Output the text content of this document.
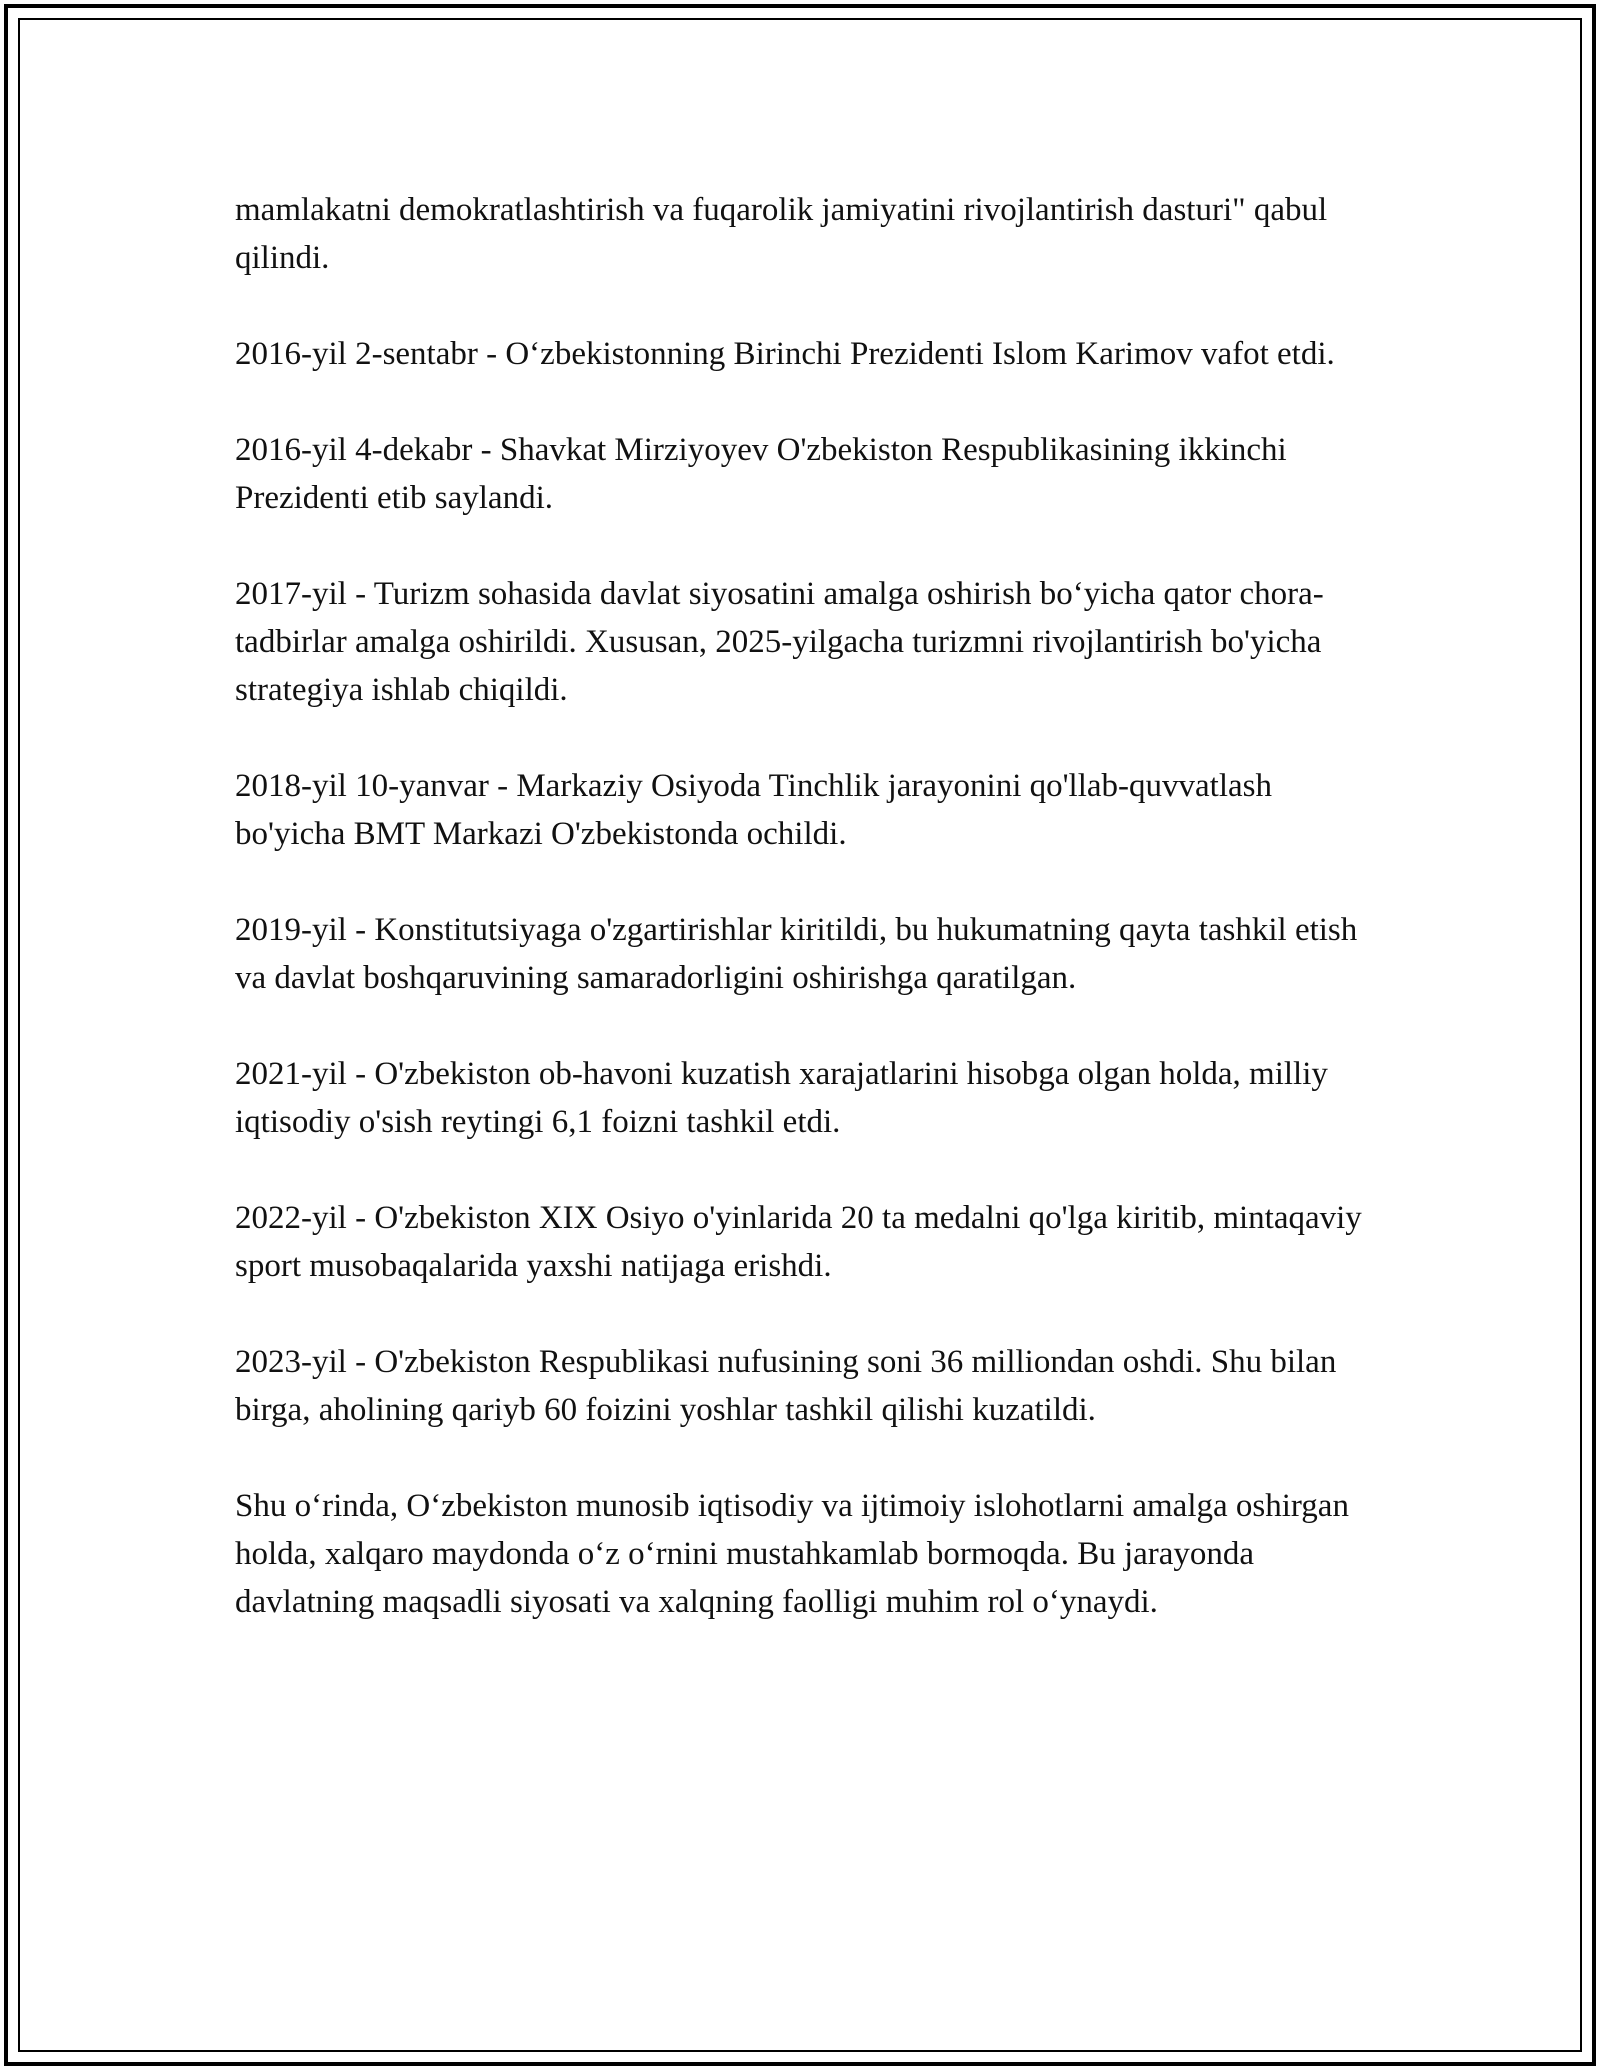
mamlakatni demokratlashtirish va fuqarolik jamiyatini rivojlantirish dasturi" qabul qilindi.

2016-yil 2-sentabr - O‘zbekistonning Birinchi Prezidenti Islom Karimov vafot etdi.

2016-yil 4-dekabr - Shavkat Mirziyoyev O'zbekiston Respublikasining ikkinchi Prezidenti etib saylandi.

2017-yil - Turizm sohasida davlat siyosatini amalga oshirish bo‘yicha qator chora-tadbirlar amalga oshirildi. Xususan, 2025-yilgacha turizmni rivojlantirish bo'yicha strategiya ishlab chiqildi.

2018-yil 10-yanvar - Markaziy Osiyoda Tinchlik jarayonini qo'llab-quvvatlash bo'yicha BMT Markazi O'zbekistonda ochildi.

2019-yil - Konstitutsiyaga o'zgartirishlar kiritildi, bu hukumatning qayta tashkil etish va davlat boshqaruvining samaradorligini oshirishga qaratilgan.

2021-yil - O'zbekiston ob-havoni kuzatish xarajatlarini hisobga olgan holda, milliy iqtisodiy o'sish reytingi 6,1 foizni tashkil etdi.

2022-yil - O'zbekiston XIX Osiyo o'yinlarida 20 ta medalni qo'lga kiritib, mintaqaviy sport musobaqalarida yaxshi natijaga erishdi.

2023-yil - O'zbekiston Respublikasi nufusining soni 36 milliondan oshdi. Shu bilan birga, aholining qariyb 60 foizini yoshlar tashkil qilishi kuzatildi.

Shu o‘rinda, O‘zbekiston munosib iqtisodiy va ijtimoiy islohotlarni amalga oshirgan holda, xalqaro maydonda o‘z o‘rnini mustahkamlab bormoqda. Bu jarayonda davlatning maqsadli siyosati va xalqning faolligi muhim rol o‘ynaydi.
